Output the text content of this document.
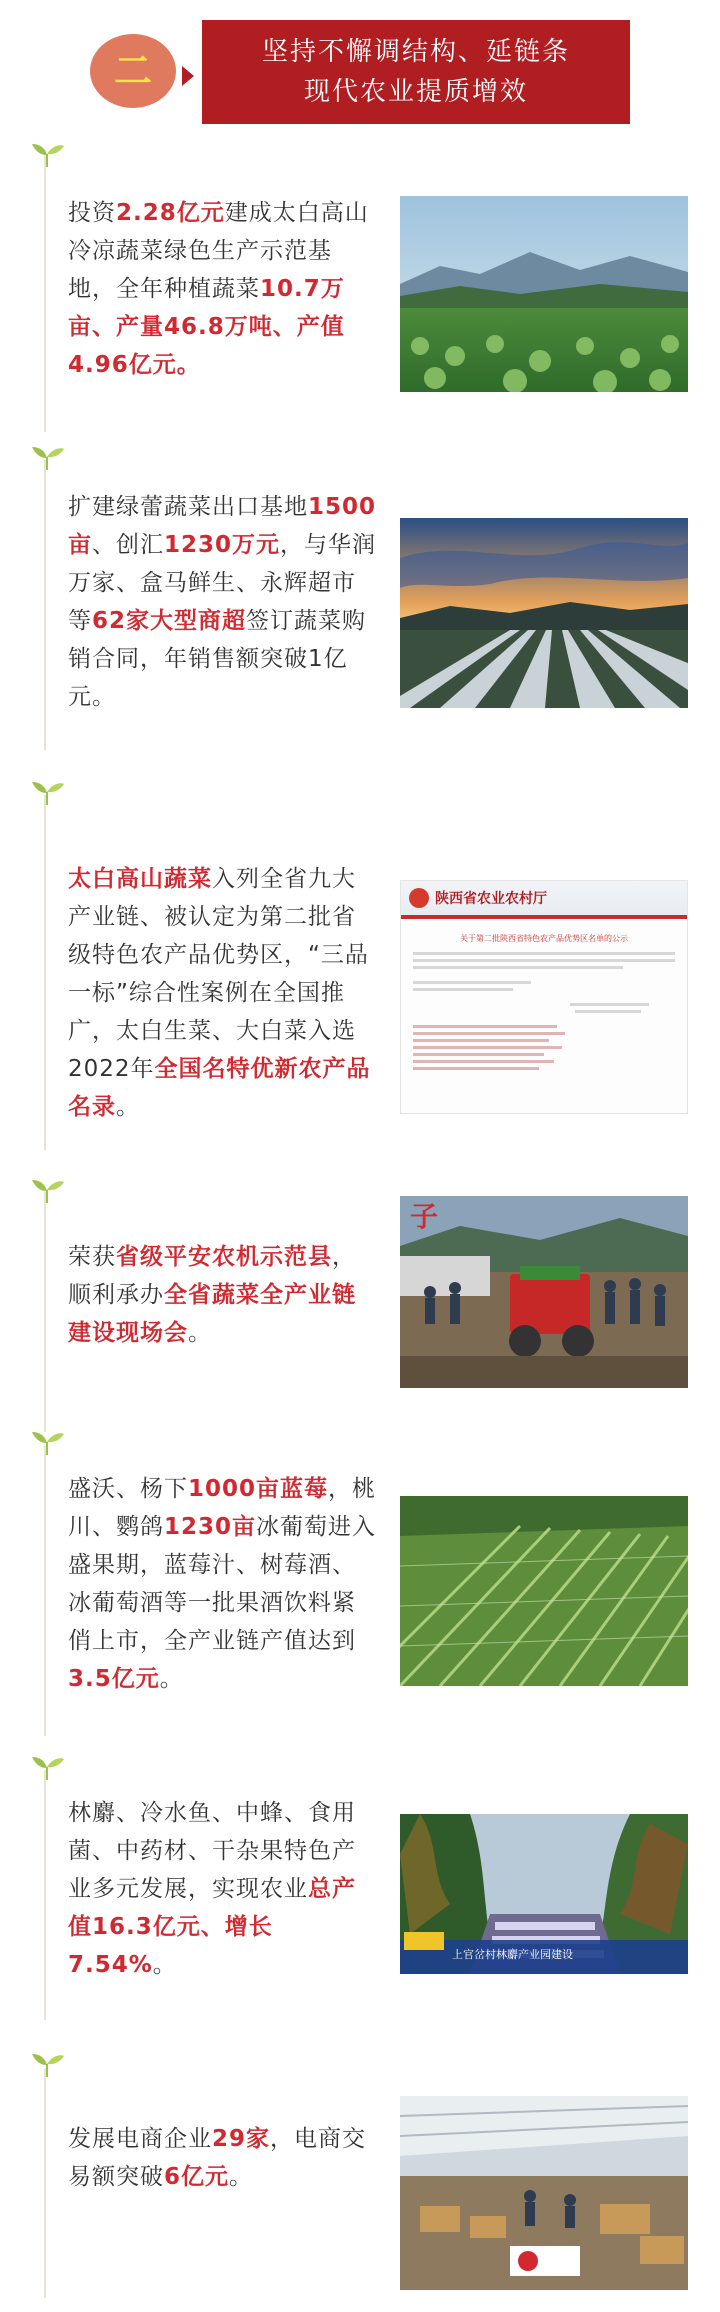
二	坚持不懈调结构、延链条
现代农业提质增效
投资2.28亿元建成太白高山冷凉蔬菜绿色生产示范基地，全年种植蔬菜10.7万亩、产量46.8万吨、产值4.96亿元。
扩建绿蕾蔬菜出口基地1500亩、创汇1230万元，与华润万家、盒马鲜生、永辉超市等62家大型商超签订蔬菜购销合同，年销售额突破1亿元。
太白高山蔬菜入列全省九大产业链、被认定为第二批省级特色农产品优势区，“三品一标”综合性案例在全国推广，太白生菜、大白菜入选2022年全国名特优新农产品名录。
陕西省农业农村厅
关于第二批陕西省特色农产品优势区名单的公示
荣获省级平安农机示范县，顺利承办全省蔬菜全产业链建设现场会。
子
盛沃、杨下1000亩蓝莓，桃川、鹦鸽1230亩冰葡萄进入盛果期，蓝莓汁、树莓酒、冰葡萄酒等一批果酒饮料紧俏上市，全产业链产值达到3.5亿元。
林麝、冷水鱼、中蜂、食用菌、中药材、干杂果特色产业多元发展，实现农业总产值16.3亿元、增长7.54%。	上官岔村林麝产业园建设
发展电商企业29家，电商交易额突破6亿元。
